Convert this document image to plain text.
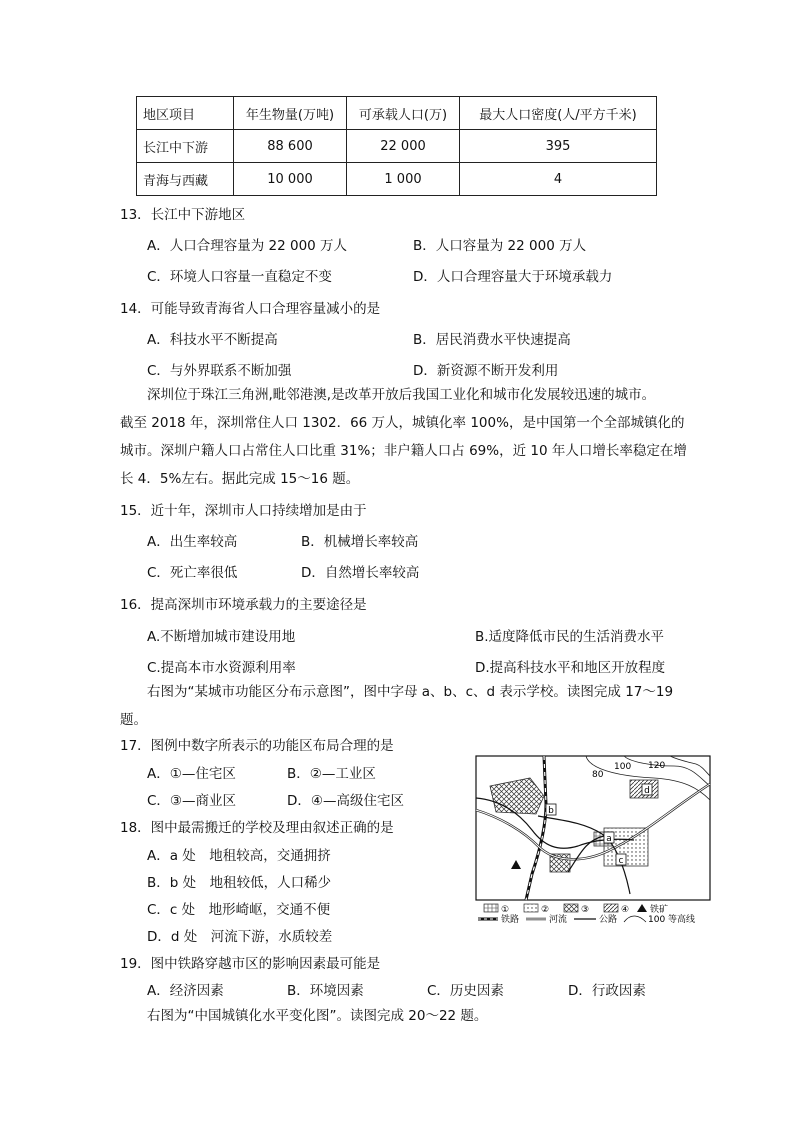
地区项目	年生物量(万吨)	可承载人口(万)	最大人口密度(人/平方千米)
长江中下游	88 600	22 000	395
青海与西藏	10 000	1 000	4
13．长江中下游地区
A．人口合理容量为 22 000 万人	B．人口容量为 22 000 万人
C．环境人口容量一直稳定不变	D．人口合理容量大于环境承载力
14．可能导致青海省人口合理容量减小的是
A．科技水平不断提高	B．居民消费水平快速提高
C．与外界联系不断加强	D．新资源不断开发利用
深圳位于珠江三角洲,毗邻港澳,是改革开放后我国工业化和城市化发展较迅速的城市。
截至 2018 年，深圳常住人口 1302．66 万人，城镇化率 100%，是中国第一个全部城镇化的
城市。深圳户籍人口占常住人口比重 31%；非户籍人口占 69%，近 10 年人口增长率稳定在增
长 4．5%左右。据此完成 15～16 题。
15．近十年，深圳市人口持续增加是由于
A．出生率较高	B．机械增长率较高
C．死亡率很低	D．自然增长率较高
16．提高深圳市环境承载力的主要途径是
A.不断增加城市建设用地	B.适度降低市民的生活消费水平
C.提高本市水资源利用率	D.提高科技水平和地区开放程度
右图为“某城市功能区分布示意图”，图中字母 a、b、c、d 表示学校。读图完成 17～19
题。
17．图例中数字所表示的功能区布局合理的是
A．①—住宅区	B．②—工业区
C．③—商业区	D．④—高级住宅区
18．图中最需搬迁的学校及理由叙述正确的是
A．a 处　地租较高，交通拥挤
B．b 处　地租较低，人口稀少
C．c 处　地形崎岖，交通不便
D．d 处　河流下游，水质较差
19．图中铁路穿越市区的影响因素最可能是
A．经济因素	B．环境因素	C．历史因素	D．行政因素
右图为“中国城镇化水平变化图”。读图完成 20～22 题。
80
100 120
a
b
c
d
①	②	③	④ 铁矿
铁路	河流	公路	100 等高线
